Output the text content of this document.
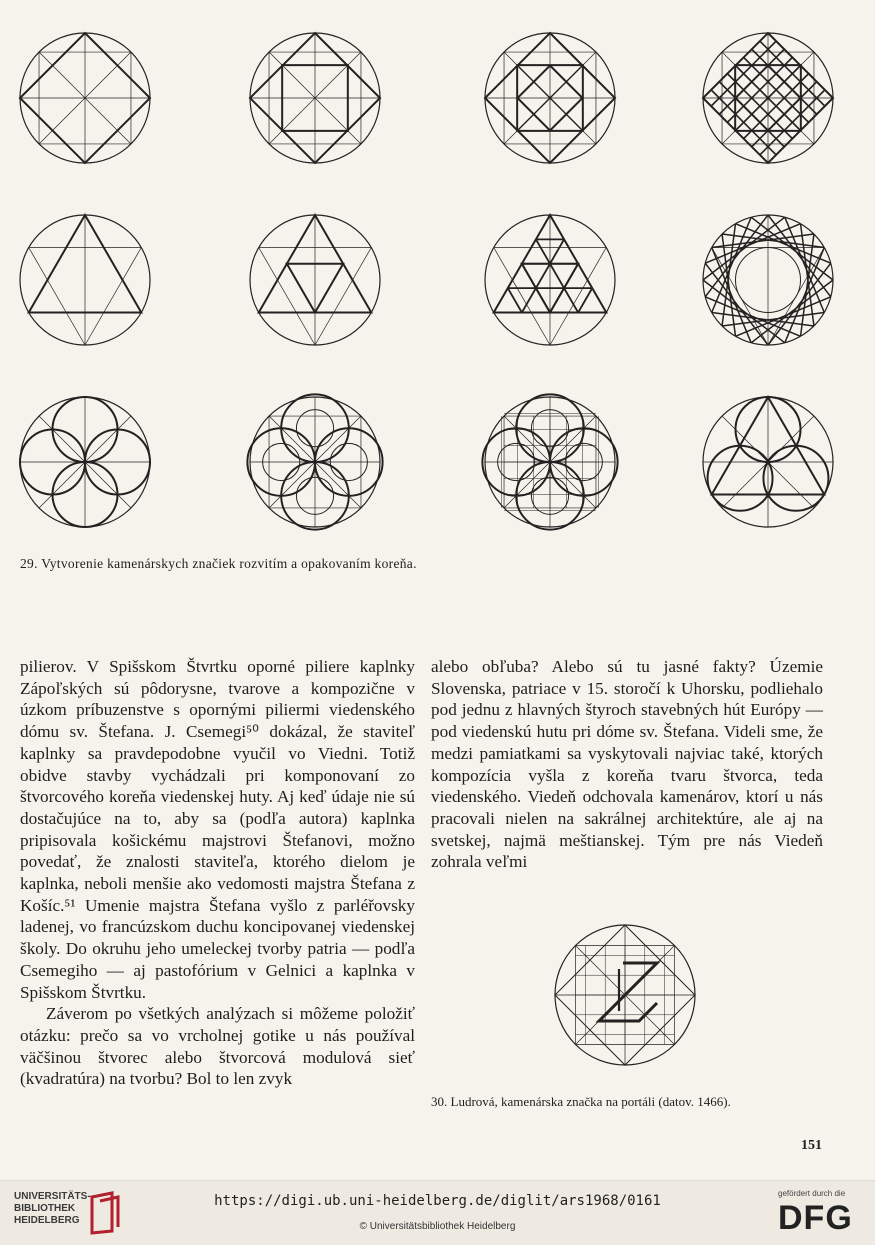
29. Vytvorenie kamenárskych značiek rozvitím a opakovaním koreňa.

pilierov. V Spišskom Štvrtku oporné piliere kaplnky Zápoľských sú pôdorysne, tvarove a kompozične v úzkom príbuzenstve s opornými piliermi viedenského dómu sv. Štefana. J. Csemegi⁵⁰ dokázal, že staviteľ kaplnky sa pravdepodobne vyučil vo Viedni. Totiž obidve stavby vychádzali pri komponovaní zo štvorcového koreňa viedenskej huty. Aj keď údaje nie sú dostačujúce na to, aby sa (podľa autora) kaplnka pripisovala košickému majstrovi Štefanovi, možno povedať, že znalosti staviteľa, ktorého dielom je kaplnka, neboli menšie ako vedomosti majstra Štefana z Košíc.⁵¹ Umenie majstra Štefana vyšlo z parléřovsky ladenej, vo francúzskom duchu koncipovanej viedenskej školy. Do okruhu jeho umeleckej tvorby patria — podľa Csemegiho — aj pastofórium v Gelnici a kaplnka v Spišskom Štvrtku.

Záverom po všetkých analýzach si môžeme položiť otázku: prečo sa vo vrcholnej gotike u nás používal väčšinou štvorec alebo štvorcová modulová sieť (kvadratúra) na tvorbu? Bol to len zvyk

alebo obľuba? Alebo sú tu jasné fakty? Územie Slovenska, patriace v 15. storočí k Uhorsku, podliehalo pod jednu z hlavných štyroch stavebných hút Európy — pod viedenskú hutu pri dóme sv. Štefana. Videli sme, že medzi pamiatkami sa vyskytovali najviac také, ktorých kompozícia vyšla z koreňa tvaru štvorca, teda viedenského. Viedeň odchovala kamenárov, ktorí u nás pracovali nielen na sakrálnej architektúre, ale aj na svetskej, najmä meštianskej. Tým pre nás Viedeň zohrala veľmi

30. Ludrová, kamenárska značka na portáli (datov. 1466).
151
UNIVERSITÄTS-
BIBLIOTHEK
HEIDELBERG
https://digi.ub.uni-heidelberg.de/diglit/ars1968/0161
© Universitätsbibliothek Heidelberg
gefördert durch die
DFG
